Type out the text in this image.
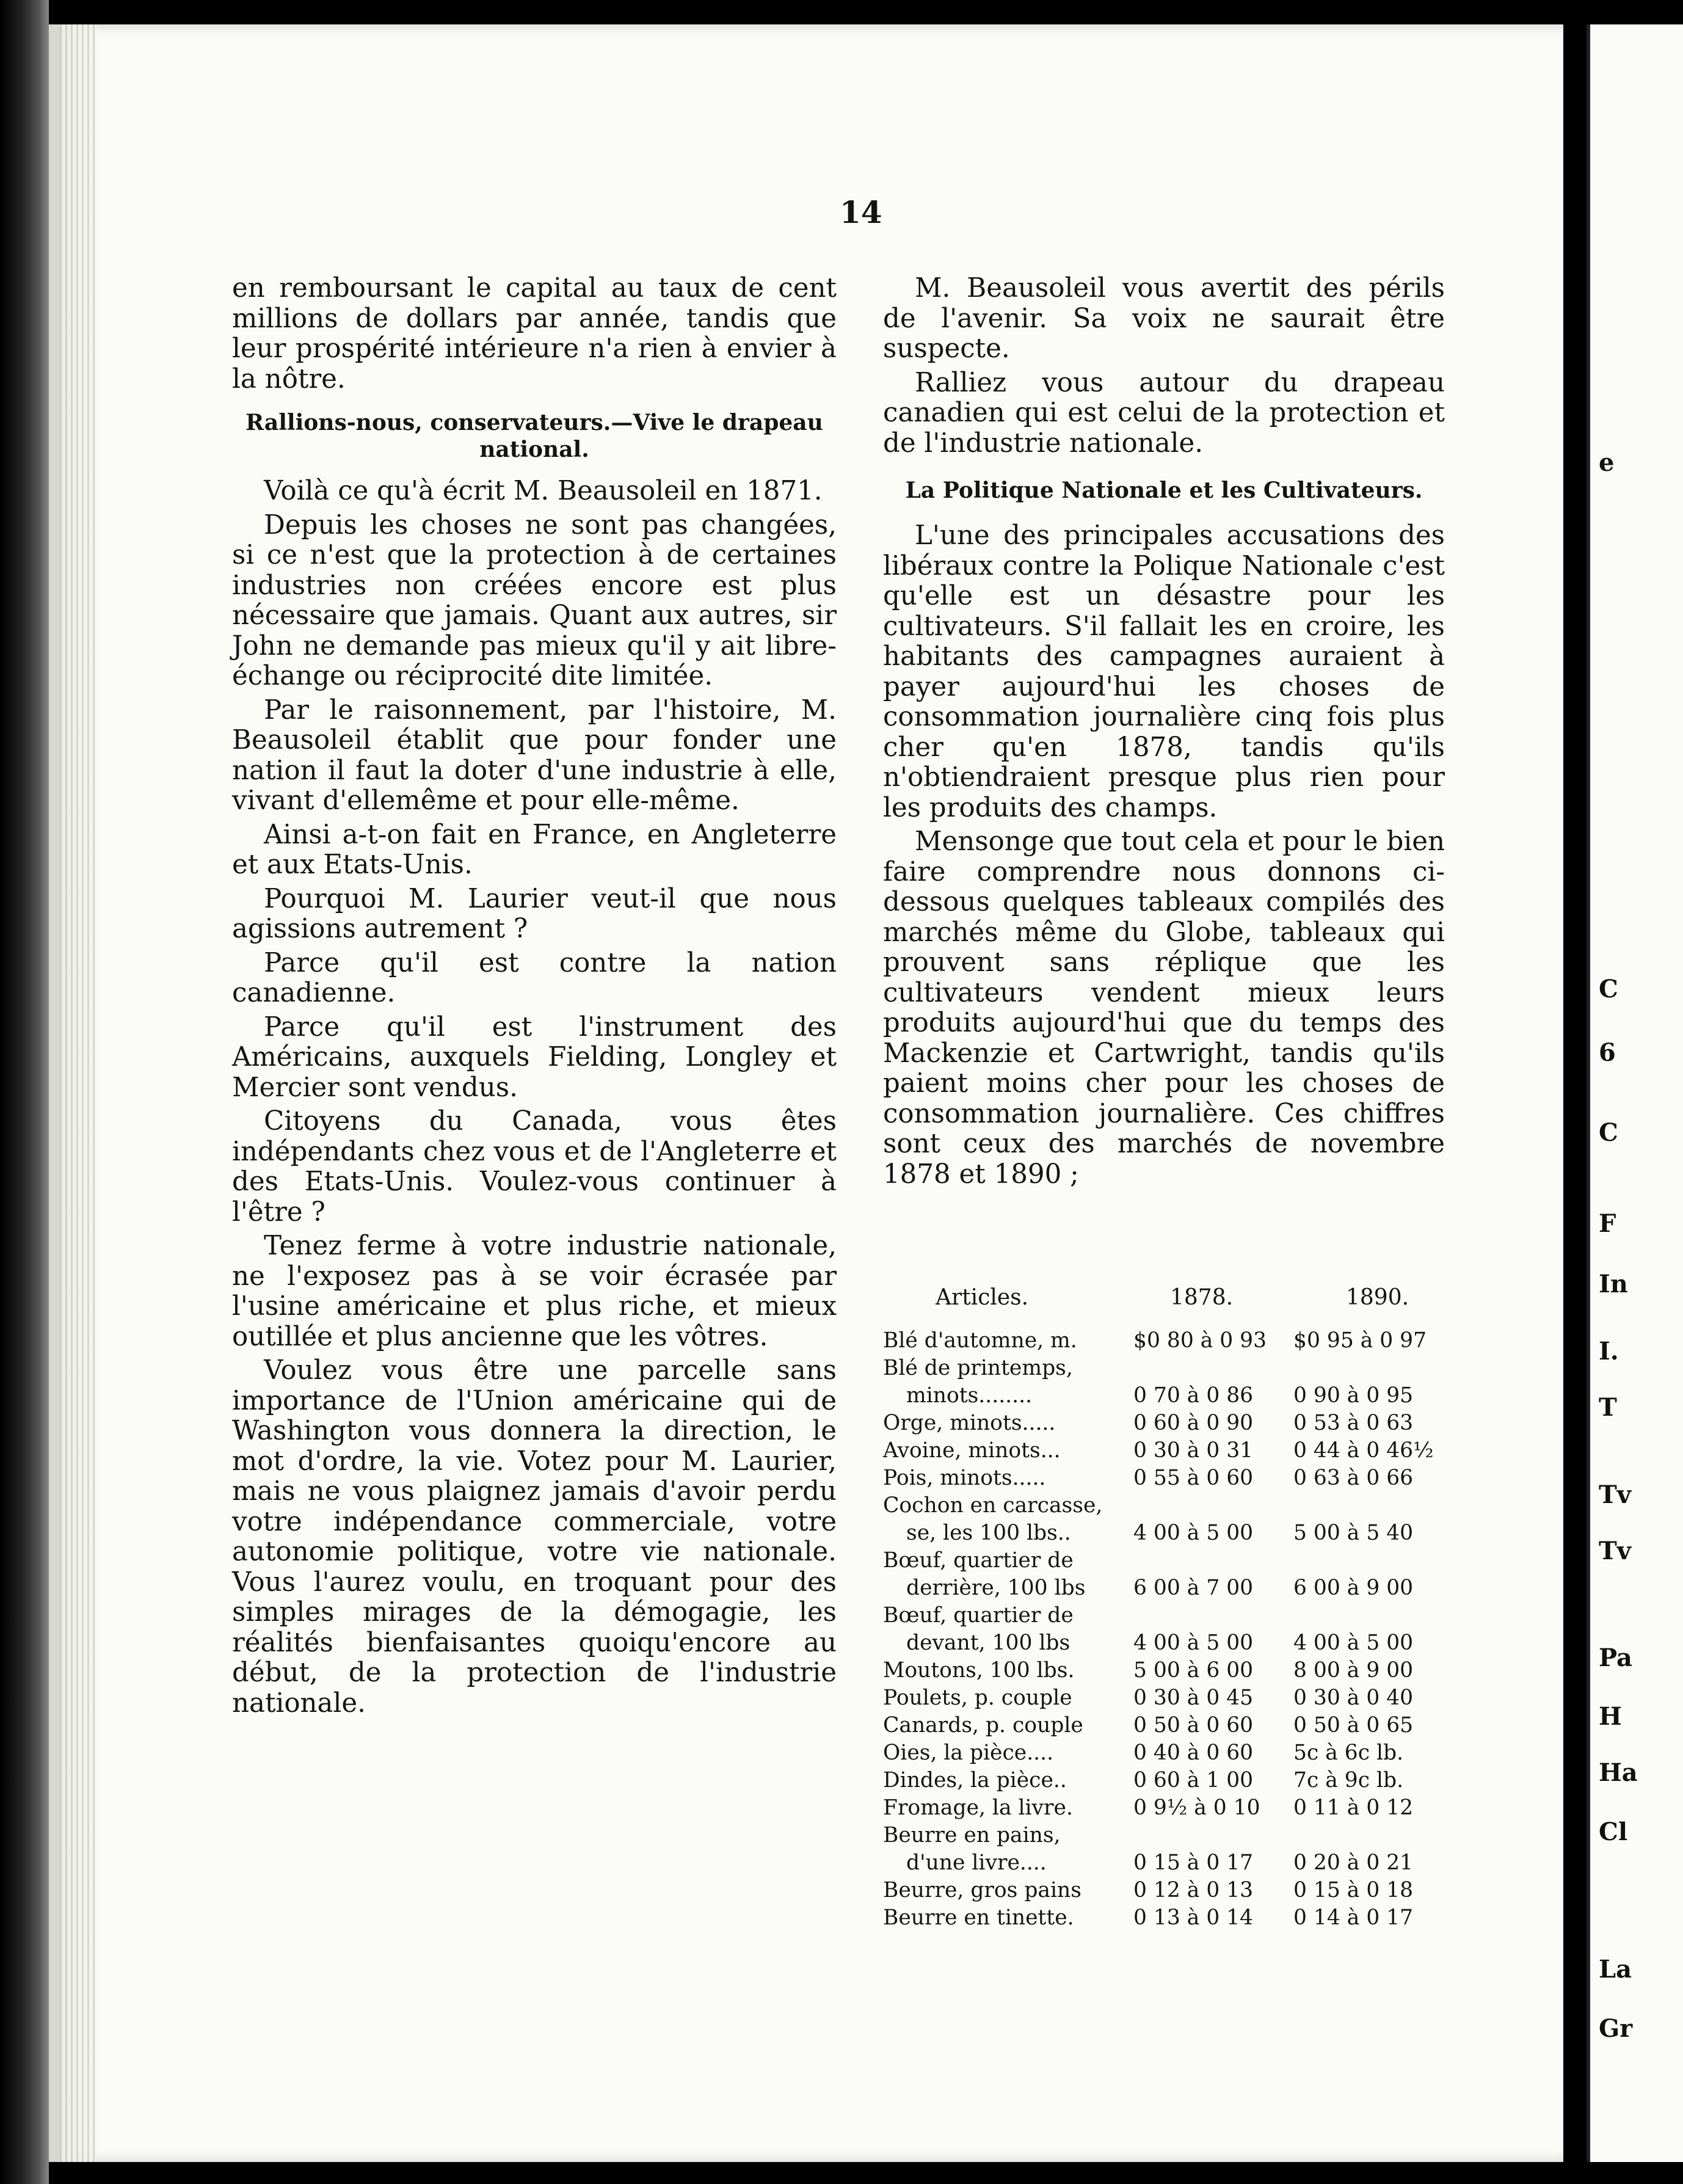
e
C
6
C
F
In
I.
T
Tv
Tv
Pa
H
Ha
Cl
La
Gr
14

en remboursant le capital au taux de cent millions de dollars par année, tandis que leur prospérité intérieure n'a rien à envier à la nôtre.

Rallions-nous, conservateurs.—Vive le drapeau national.

Voilà ce qu'à écrit M. Beausoleil en 1871.

Depuis les choses ne sont pas changées, si ce n'est que la protection à de certaines industries non créées encore est plus nécessaire que jamais. Quant aux autres, sir John ne demande pas mieux qu'il y ait libre-échange ou réciprocité dite limitée.

Par le raisonnement, par l'histoire, M. Beausoleil établit que pour fonder une nation il faut la doter d'une industrie à elle, vivant d'ellemême et pour elle-même.

Ainsi a-t-on fait en France, en Angleterre et aux Etats-Unis.

Pourquoi M. Laurier veut-il que nous agissions autrement ?

Parce qu'il est contre la nation canadienne.

Parce qu'il est l'instrument des Américains, auxquels Fielding, Longley et Mercier sont vendus.

Citoyens du Canada, vous êtes indépendants chez vous et de l'Angleterre et des Etats-Unis. Voulez-vous continuer à l'être ?

Tenez ferme à votre industrie nationale, ne l'exposez pas à se voir écrasée par l'usine américaine et plus riche, et mieux outillée et plus ancienne que les vôtres.

Voulez vous être une parcelle sans importance de l'Union américaine qui de Washington vous donnera la direction, le mot d'ordre, la vie. Votez pour M. Laurier, mais ne vous plaignez jamais d'avoir perdu votre indépendance commerciale, votre autonomie politique, votre vie nationale. Vous l'aurez voulu, en troquant pour des simples mirages de la démogagie, les réalités bienfaisantes quoiqu'encore au début, de la protection de l'industrie nationale.

M. Beausoleil vous avertit des périls de l'avenir. Sa voix ne saurait être suspecte.

Ralliez vous autour du drapeau canadien qui est celui de la protection et de l'industrie nationale.

La Politique Nationale et les Cultivateurs.

L'une des principales accusations des libéraux contre la Polique Nationale c'est qu'elle est un désastre pour les cultivateurs. S'il fallait les en croire, les habitants des campagnes auraient à payer aujourd'hui les choses de consommation journalière cinq fois plus cher qu'en 1878, tandis qu'ils n'obtiendraient presque plus rien pour les produits des champs.

Mensonge que tout cela et pour le bien faire comprendre nous donnons ci-dessous quelques tableaux compilés des marchés même du Globe, tableaux qui prouvent sans réplique que les cultivateurs vendent mieux leurs produits aujourd'hui que du temps des Mackenzie et Cartwright, tandis qu'ils paient moins cher pour les choses de consommation journalière. Ces chiffres sont ceux des marchés de novembre 1878 et 1890 ;

Articles.	1878.	1890.
Blé d'automne, m.	$0 80 à 0 93	$0 95 à 0 97
Blé de printemps,		
minots........	0 70 à 0 86	0 90 à 0 95
Orge, minots.....	0 60 à 0 90	0 53 à 0 63
Avoine, minots...	0 30 à 0 31	0 44 à 0 46½
Pois, minots.....	0 55 à 0 60	0 63 à 0 66
Cochon en carcasse,		
se, les 100 lbs..	4 00 à 5 00	5 00 à 5 40
Bœuf, quartier de		
derrière, 100 lbs	6 00 à 7 00	6 00 à 9 00
Bœuf, quartier de		
devant, 100 lbs	4 00 à 5 00	4 00 à 5 00
Moutons, 100 lbs.	5 00 à 6 00	8 00 à 9 00
Poulets, p. couple	0 30 à 0 45	0 30 à 0 40
Canards, p. couple	0 50 à 0 60	0 50 à 0 65
Oies, la pièce....	0 40 à 0 60	5c à 6c lb.
Dindes, la pièce..	0 60 à 1 00	7c à 9c lb.
Fromage, la livre.	0 9½ à 0 10	0 11 à 0 12
Beurre en pains,		
d'une livre....	0 15 à 0 17	0 20 à 0 21
Beurre, gros pains	0 12 à 0 13	0 15 à 0 18
Beurre en tinette.	0 13 à 0 14	0 14 à 0 17
